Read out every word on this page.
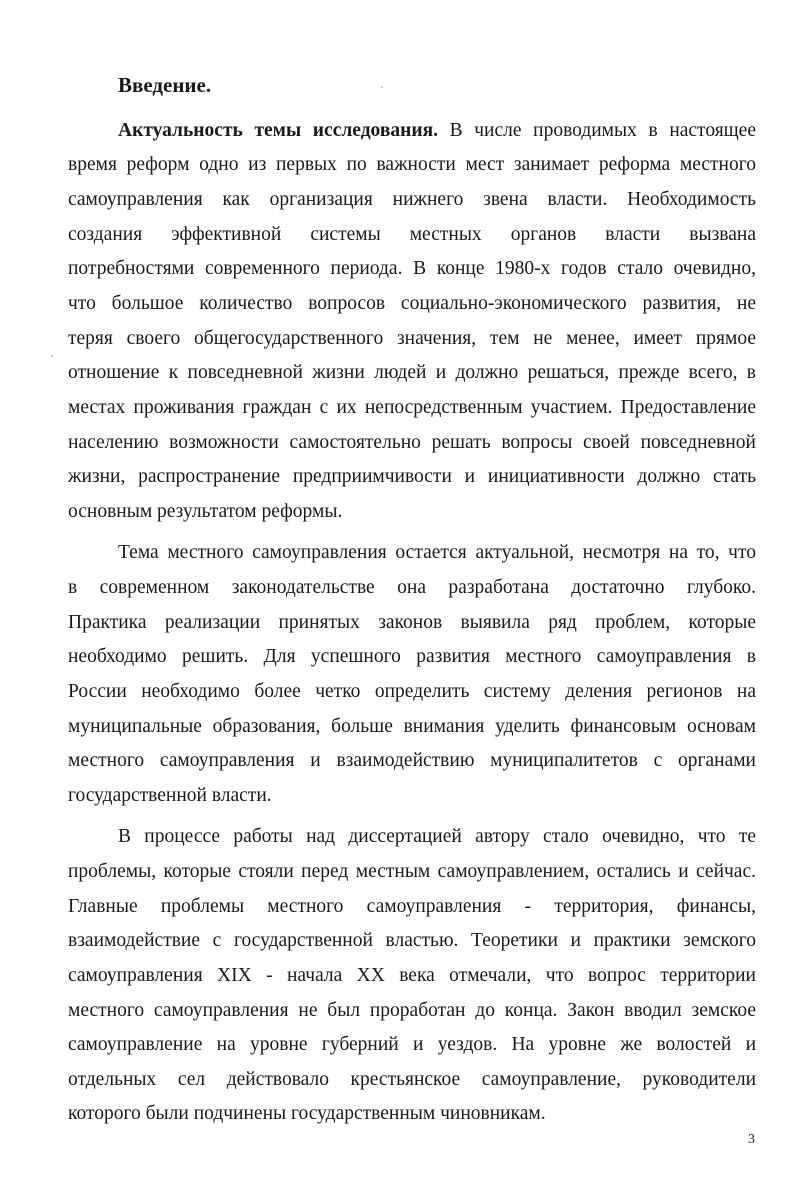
Введение.
Актуальность темы исследования. В числе проводимых в настоящее
время реформ одно из первых по важности мест занимает реформа местного
самоуправления как организация нижнего звена власти. Необходимость
создания эффективной системы местных органов власти вызвана
потребностями современного периода. В конце 1980-х годов стало очевидно,
что большое количество вопросов социально-экономического развития, не
теряя своего общегосударственного значения, тем не менее, имеет прямое
отношение к повседневной жизни людей и должно решаться, прежде всего, в
местах проживания граждан с их непосредственным участием. Предоставление
населению возможности самостоятельно решать вопросы своей повседневной
жизни, распространение предприимчивости и инициативности должно стать
основным результатом реформы.
Тема местного самоуправления остается актуальной, несмотря на то, что
в современном законодательстве она разработана достаточно глубоко.
Практика реализации принятых законов выявила ряд проблем, которые
необходимо решить. Для успешного развития местного самоуправления в
России необходимо более четко определить систему деления регионов на
муниципальные образования, больше внимания уделить финансовым основам
местного самоуправления и взаимодействию муниципалитетов с органами
государственной власти.
В процессе работы над диссертацией автору стало очевидно, что те
проблемы, которые стояли перед местным самоуправлением, остались и сейчас.
Главные проблемы местного самоуправления - территория, финансы,
взаимодействие с государственной властью. Теоретики и практики земского
самоуправления XIX - начала XX века отмечали, что вопрос территории
местного самоуправления не был проработан до конца. Закон вводил земское
самоуправление на уровне губерний и уездов. На уровне же волостей и
отдельных сел действовало крестьянское самоуправление, руководители
которого были подчинены государственным чиновникам.
3
